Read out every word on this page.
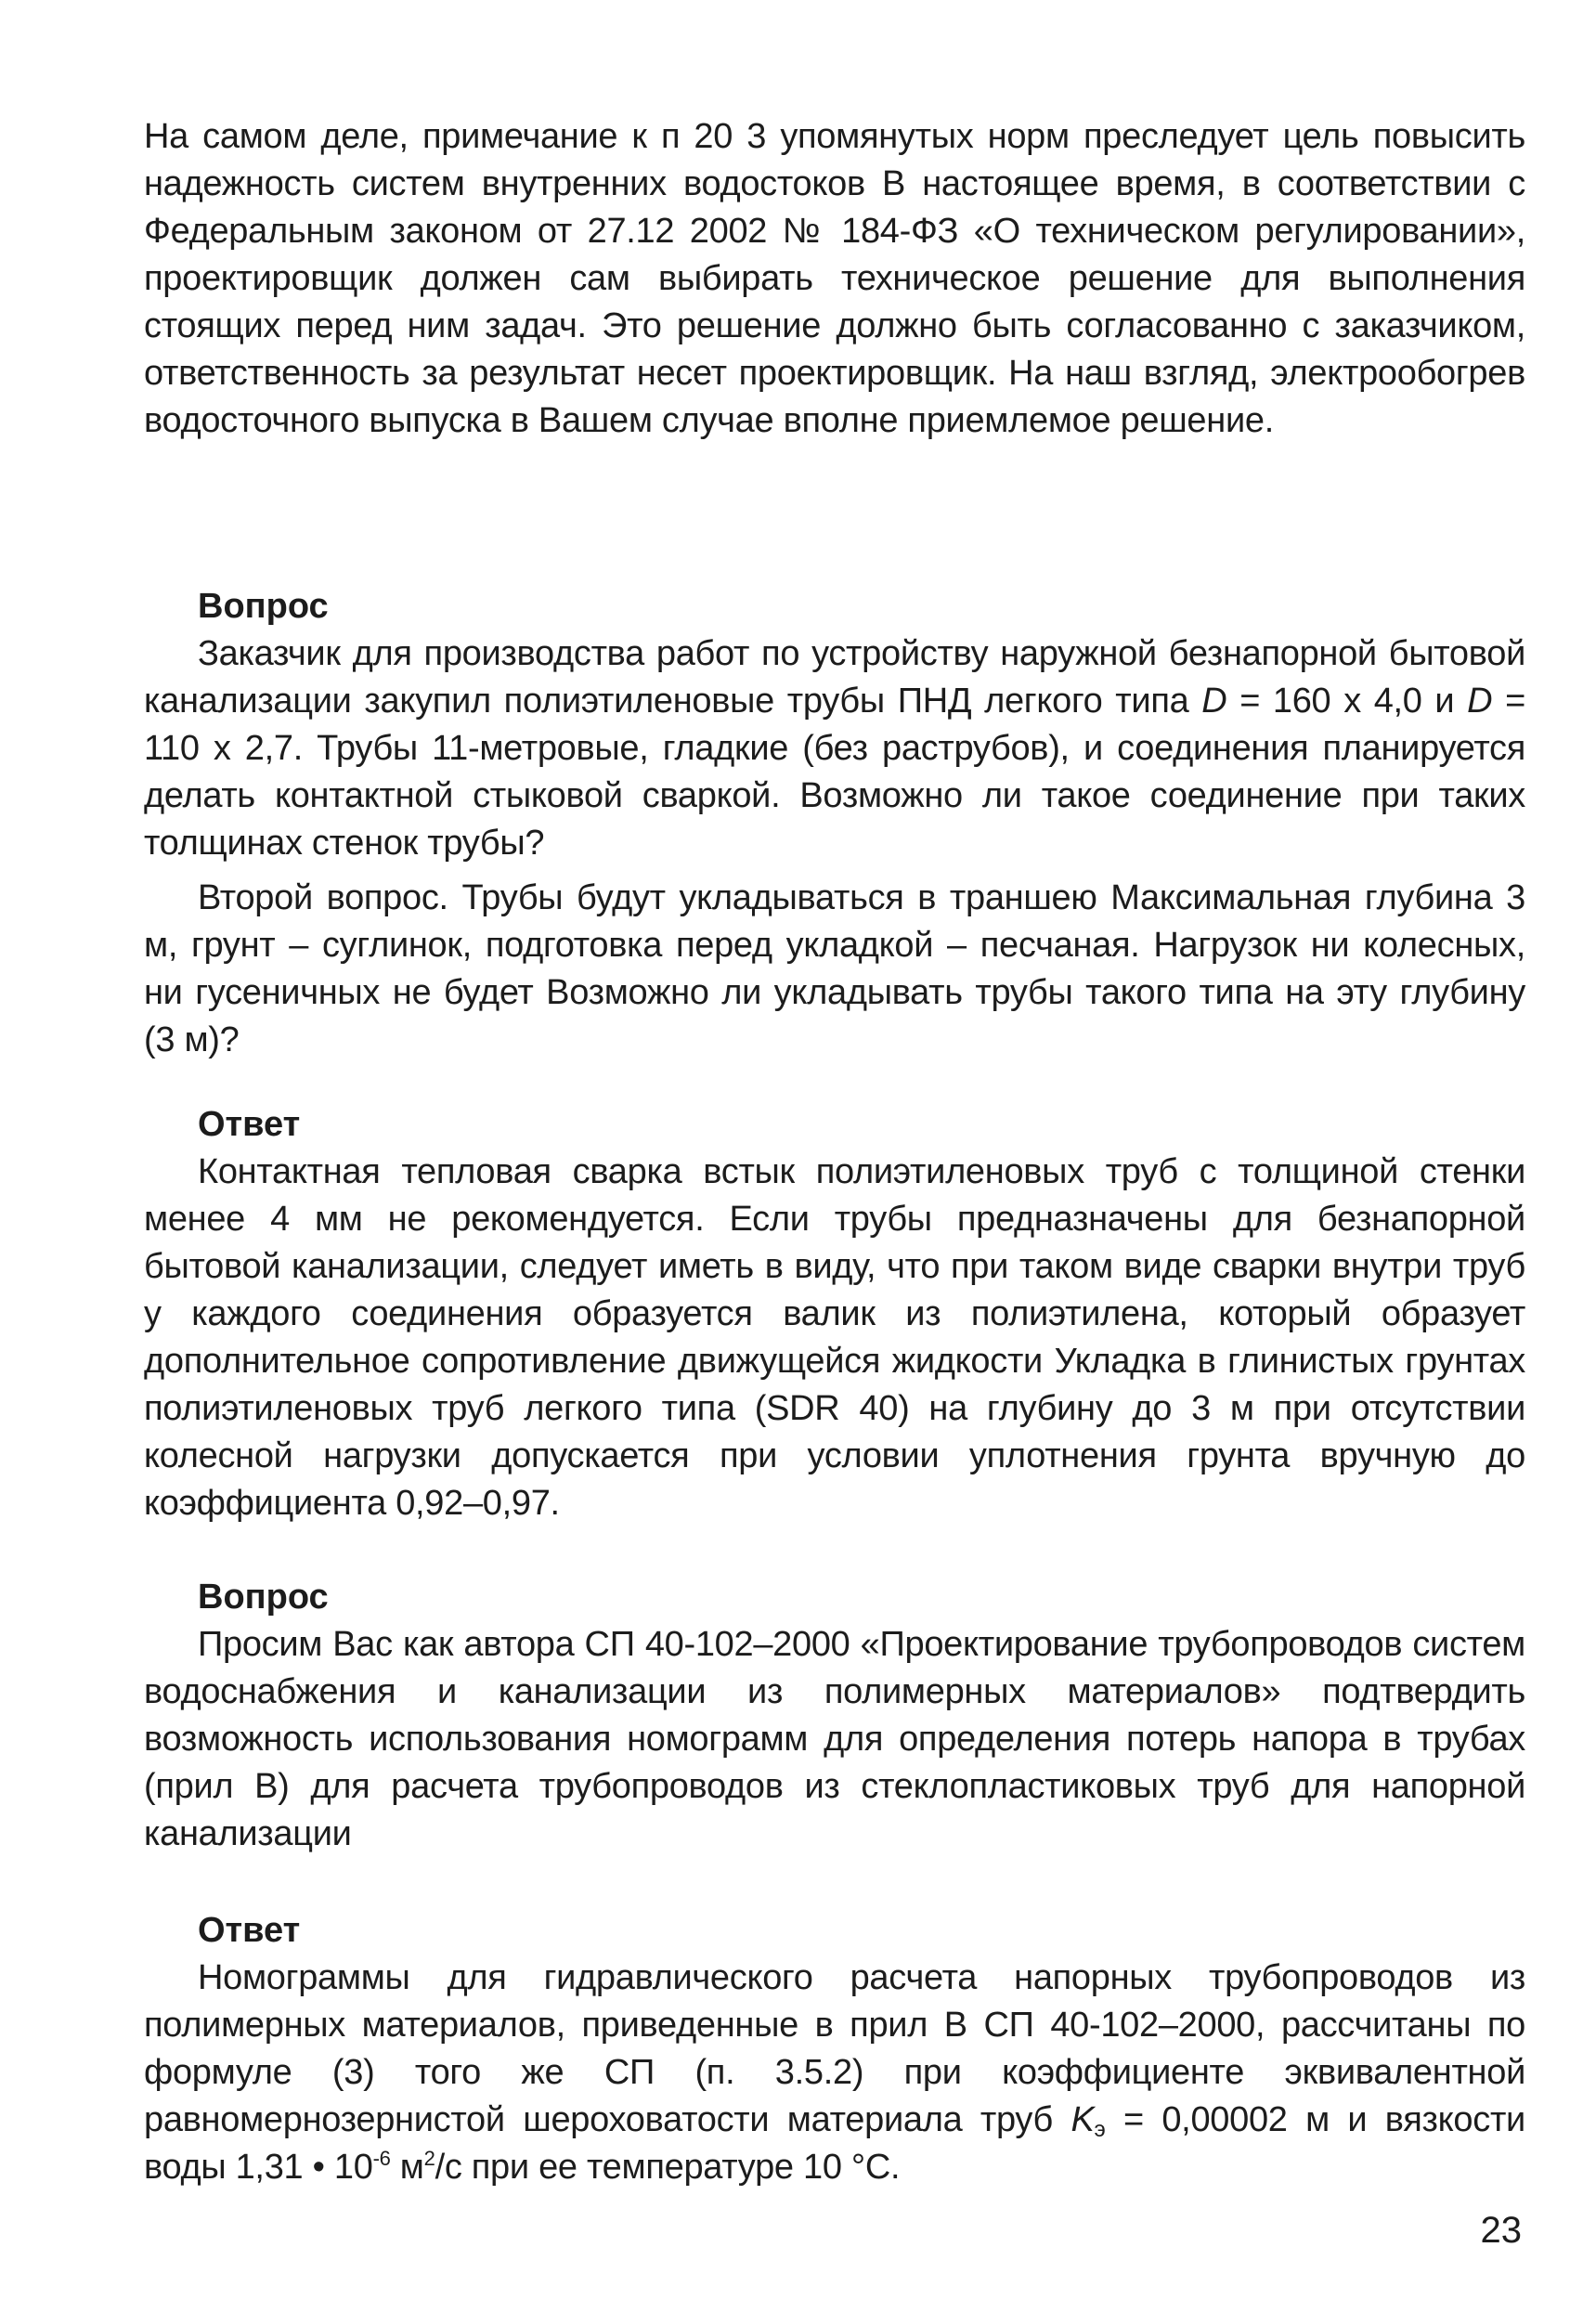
На самом деле, примечание к п 20 3 упомянутых норм преследует цель повысить надежность систем внутренних водостоков В настоящее время, в соответствии с Федеральным законом от 27.12 2002 № 184-ФЗ «О техническом регулировании», проектировщик должен сам выбирать техническое решение для выполнения стоящих перед ним задач. Это решение должно быть согласованно с заказчиком, ответственность за результат несет проектировщик. На наш взгляд, электрообогрев водосточного выпуска в Вашем случае вполне приемлемое решение.

Вопрос

Заказчик для производства работ по устройству наружной безнапорной бытовой канализации закупил полиэтиленовые трубы ПНД легкого типа D = 160 x 4,0 и D = 110 x 2,7. Трубы 11-метровые, гладкие (без раструбов), и соединения планируется делать контактной стыковой сваркой. Возможно ли такое соединение при таких толщинах стенок трубы?

Второй вопрос. Трубы будут укладываться в траншею Максимальная глубина 3 м, грунт – суглинок, подготовка перед укладкой – песчаная. Нагрузок ни колесных, ни гусеничных не будет Возможно ли укладывать трубы такого типа на эту глубину (3 м)?

Ответ

Контактная тепловая сварка встык полиэтиленовых труб с толщиной стенки менее 4 мм не рекомендуется. Если трубы предназначены для безнапорной бытовой канализации, следует иметь в виду, что при таком виде сварки внутри труб у каждого соединения образуется валик из полиэтилена, который образует дополнительное сопротивление движущейся жидкости Укладка в глинистых грунтах полиэтиленовых труб легкого типа (SDR 40) на глубину до 3 м при отсутствии колесной нагрузки допускается при условии уплотнения грунта вручную до коэффициента 0,92–0,97.

Вопрос

Просим Вас как автора СП 40-102–2000 «Проектирование трубопроводов систем водоснабжения и канализации из полимерных материалов» подтвердить возможность использования номограмм для определения потерь напора в трубах (прил В) для расчета трубопроводов из стеклопластиковых труб для напорной канализации

Ответ

Номограммы для гидравлического расчета напорных трубопроводов из полимерных материалов, приведенные в прил В СП 40-102–2000, рассчитаны по формуле (3) того же СП (п. 3.5.2) при коэффициенте эквивалентной равномернозернистой шероховатости материала труб $K_э = 0,00002$ м и вязкости воды 1,31 • $10^{-6}$ $м^2/с$ при ее температуре 10 °С.

23
